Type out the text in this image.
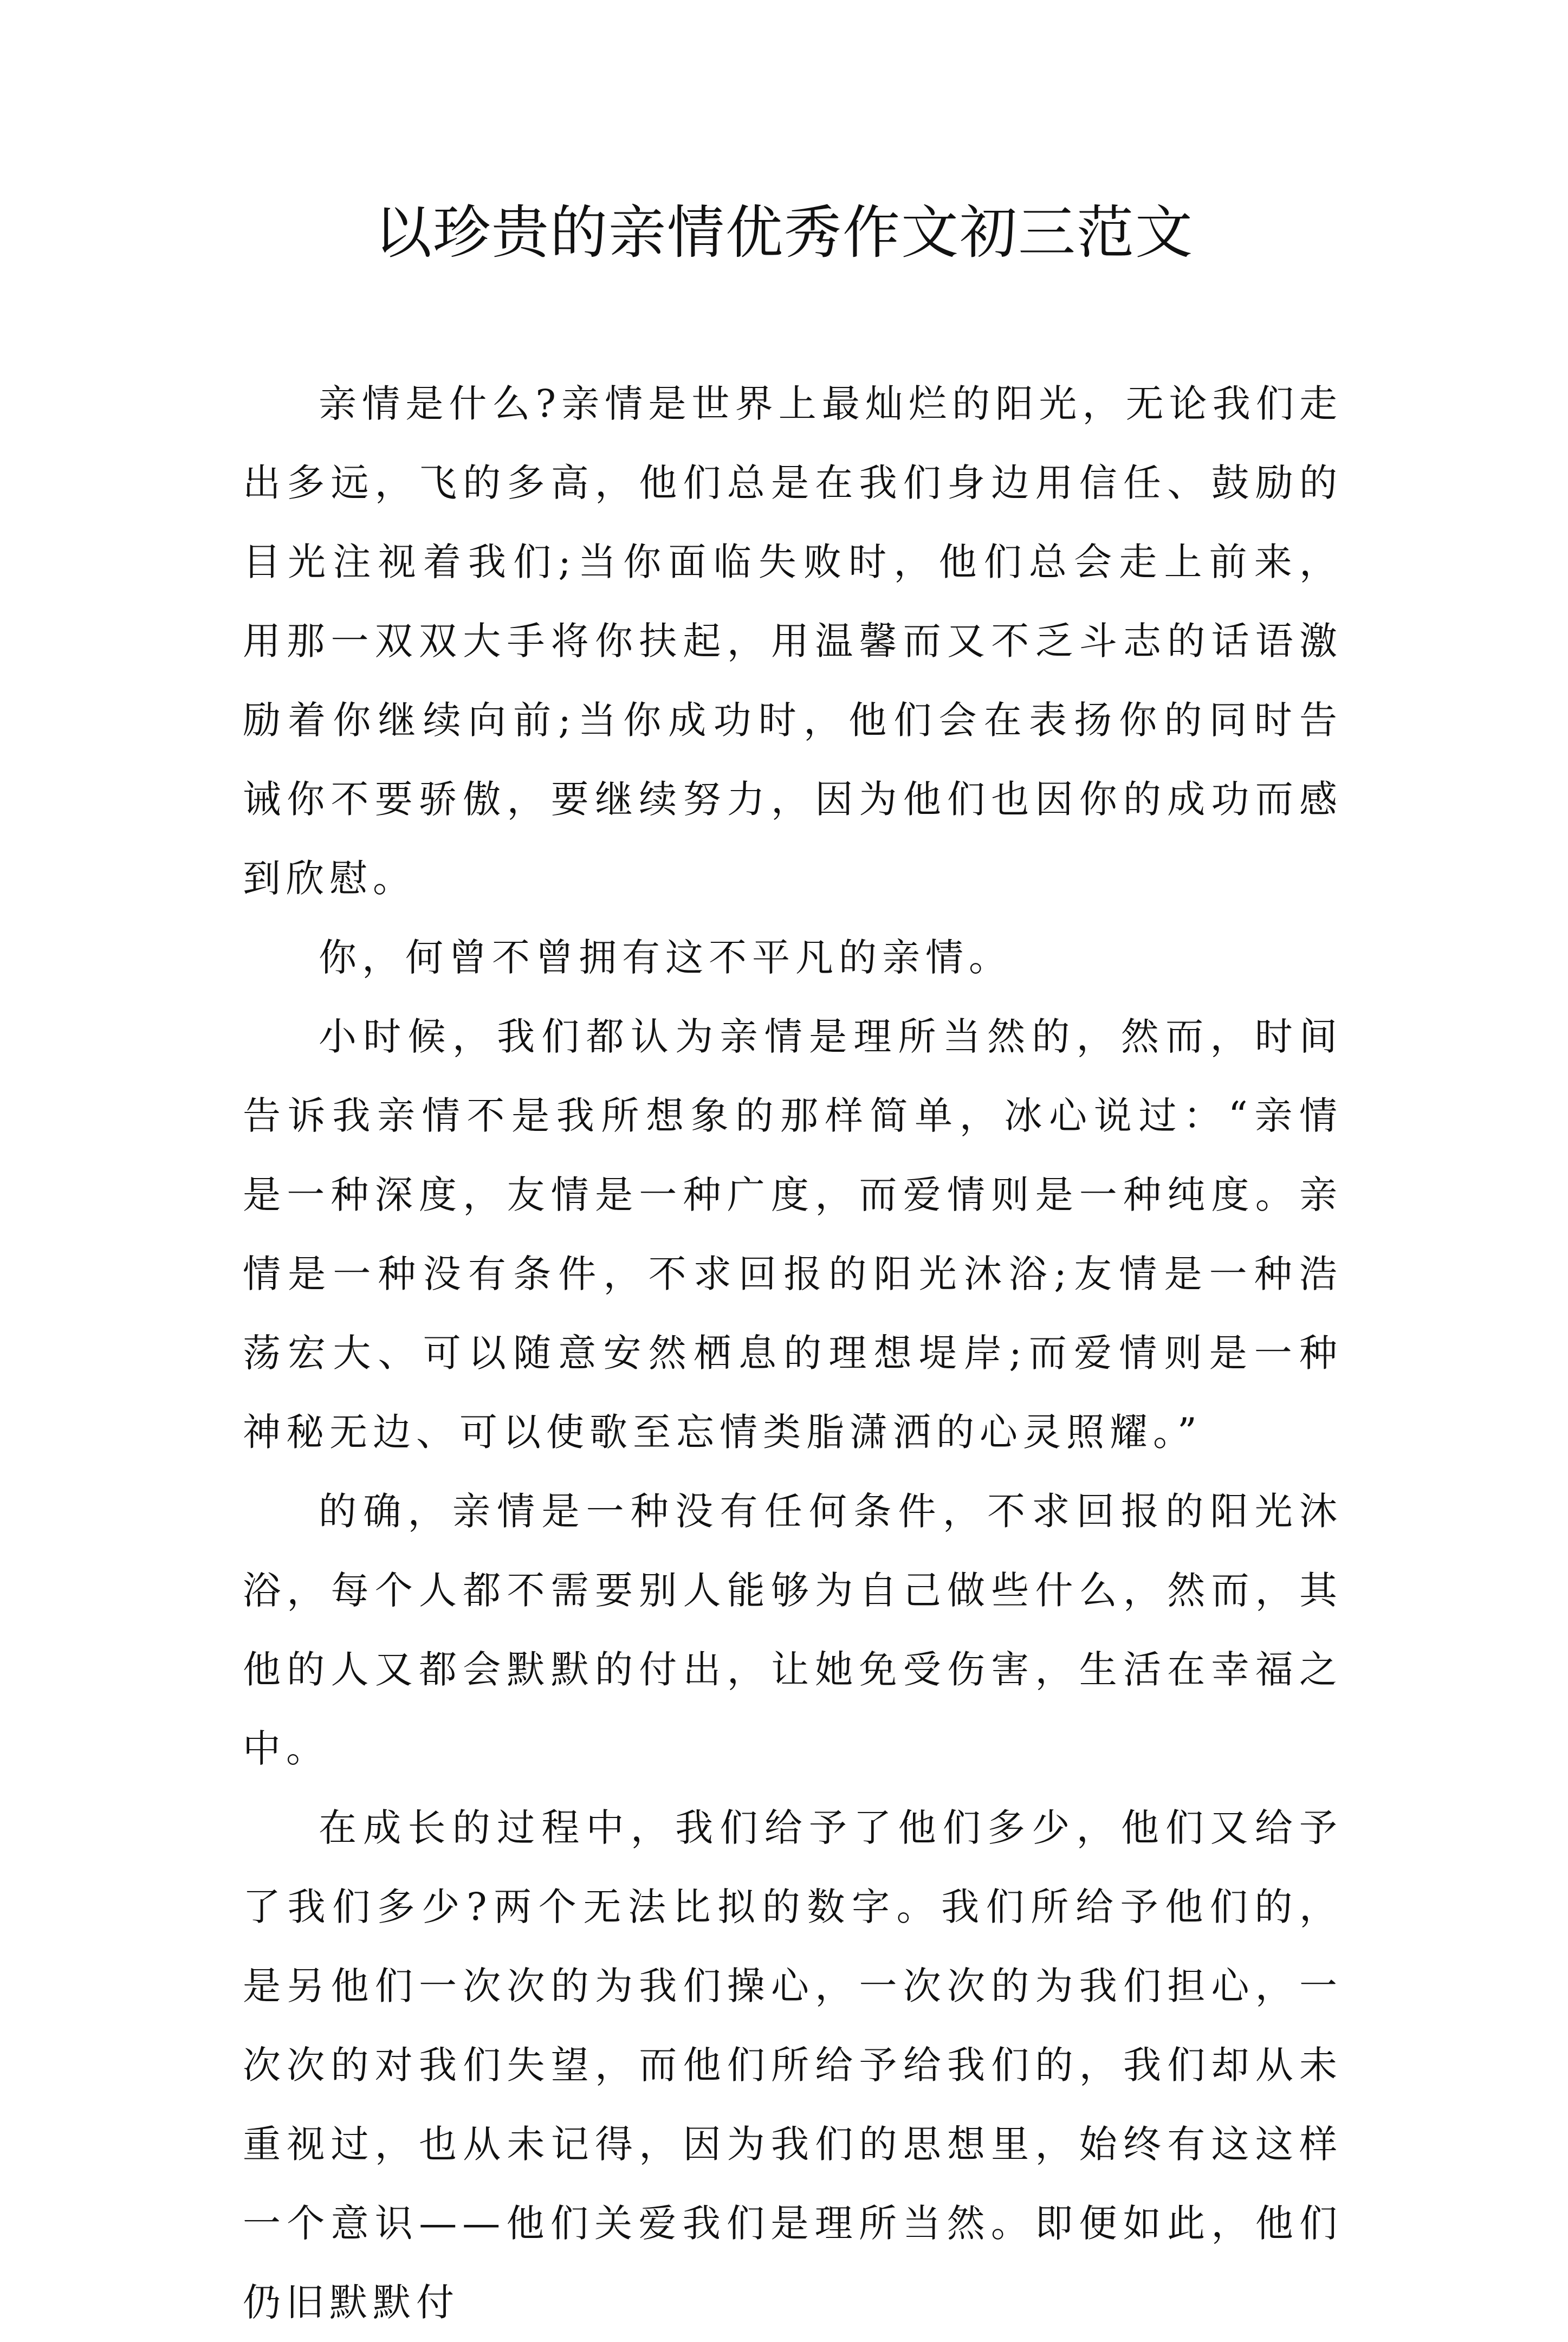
以珍贵的亲情优秀作文初三范文

亲情是什么?亲情是世界上最灿烂的阳光，无论我们走出多远，飞的多高，他们总是在我们身边用信任、鼓励的目光注视着我们;当你面临失败时，他们总会走上前来，用那一双双大手将你扶起，用温馨而又不乏斗志的话语激励着你继续向前;当你成功时，他们会在表扬你的同时告诫你不要骄傲，要继续努力，因为他们也因你的成功而感到欣慰。

你，何曾不曾拥有这不平凡的亲情。

小时候，我们都认为亲情是理所当然的，然而，时间告诉我亲情不是我所想象的那样简单，冰心说过：“亲情是一种深度，友情是一种广度，而爱情则是一种纯度。亲情是一种没有条件，不求回报的阳光沐浴;友情是一种浩荡宏大、可以随意安然栖息的理想堤岸;而爱情则是一种神秘无边、可以使歌至忘情类脂潇洒的心灵照耀。”

的确，亲情是一种没有任何条件，不求回报的阳光沐浴，每个人都不需要别人能够为自己做些什么，然而，其他的人又都会默默的付出，让她免受伤害，生活在幸福之中。

在成长的过程中，我们给予了他们多少，他们又给予了我们多少?两个无法比拟的数字。我们所给予他们的，是另他们一次次的为我们操心，一次次的为我们担心，一次次的对我们失望，而他们所给予给我们的，我们却从未重视过，也从未记得，因为我们的思想里，始终有这这样一个意识——他们关爱我们是理所当然。即便如此，他们仍旧默默付
